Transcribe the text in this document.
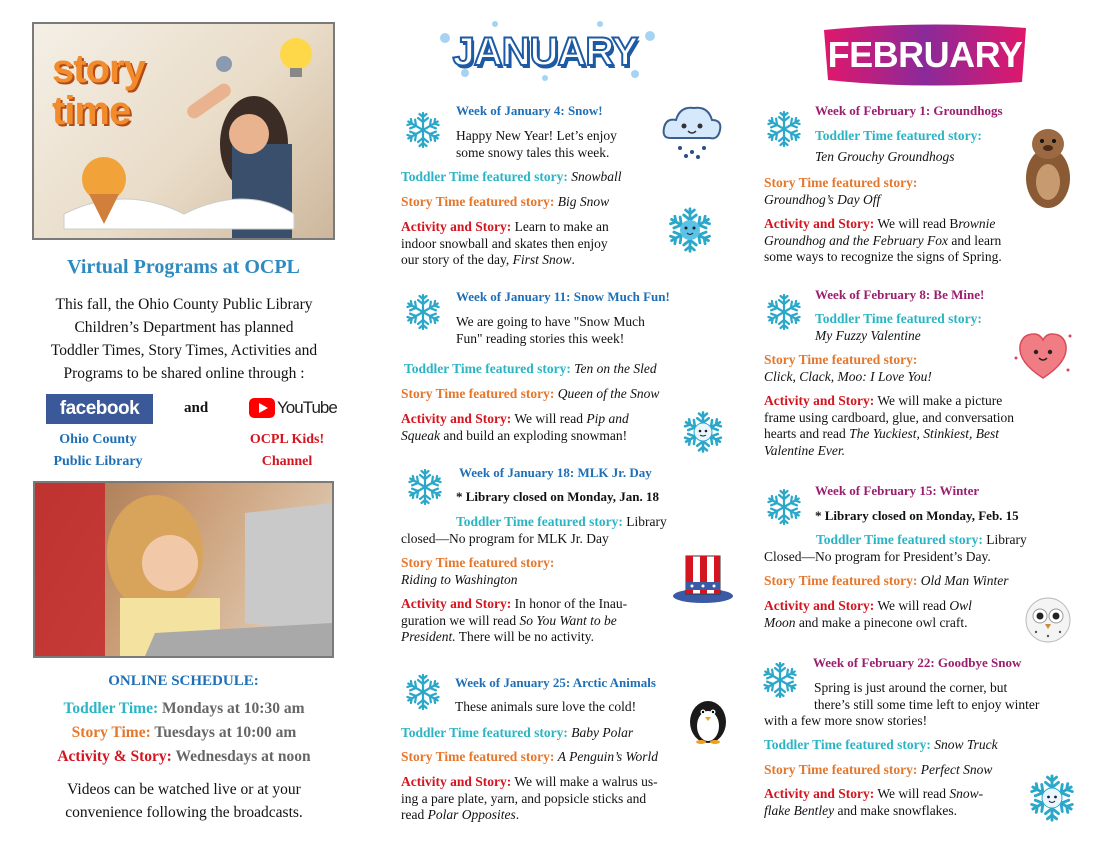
story time
Virtual Programs at OCPL
This fall, the Ohio County Public Library
Children’s Department has planned
Toddler Times, Story Times, Activities and
Programs to be shared online through :
facebook	and	YouTube
Ohio County
Public Library
OCPL Kids!
Channel
ONLINE SCHEDULE:
Toddler Time: Mondays at 10:30 am
Story Time: Tuesdays at 10:00 am
Activity & Story: Wednesdays at noon
Videos can be watched live or at your
convenience following the broadcasts.
JANUARY
Week of January 4: Snow!
Happy New Year! Let’s enjoy
some snowy tales this week.
Toddler Time featured story: Snowball
Story Time featured story: Big Snow
Activity and Story: Learn to make an
indoor snowball and skates then enjoy
our story of the day, First Snow.
Week of January 11: Snow Much Fun!
We are going to have "Snow Much
Fun" reading stories this week!
Toddler Time featured story: Ten on the Sled
Story Time featured story: Queen of the Snow
Activity and Story: We will read Pip and
Squeak and build an exploding snowman!
Week of January 18: MLK Jr. Day
* Library closed on Monday, Jan. 18
Toddler Time featured story: Library
closed—No program for MLK Jr. Day
Story Time featured story:
Riding to Washington
Activity and Story: In honor of the Inau-
guration we will read So You Want to be
President. There will be no activity.
Week of January 25: Arctic Animals
These animals sure love the cold!
Toddler Time featured story: Baby Polar
Story Time featured story: A Penguin’s World
Activity and Story: We will make a walrus us-
ing a pare plate, yarn, and popsicle sticks and
read Polar Opposites.
FEBRUARY
Week of February 1: Groundhogs
Toddler Time featured story:
Ten Grouchy Groundhogs
Story Time featured story:
Groundhog’s Day Off
Activity and Story: We will read Brownie
Groundhog and the February Fox and learn
some ways to recognize the signs of Spring.
Week of February 8: Be Mine!
Toddler Time featured story:
My Fuzzy Valentine
Story Time featured story:
Click, Clack, Moo: I Love You!
Activity and Story: We will make a picture
frame using cardboard, glue, and conversation
hearts and read The Yuckiest, Stinkiest, Best
Valentine Ever.
Week of February 15: Winter
* Library closed on Monday, Feb. 15
Toddler Time featured story: Library
Closed—No program for President’s Day.
Story Time featured story: Old Man Winter
Activity and Story: We will read Owl
Moon and make a pinecone owl craft.
Week of February 22: Goodbye Snow
Spring is just around the corner, but
there’s still some time left to enjoy winter
with a few more snow stories!
Toddler Time featured story: Snow Truck
Story Time featured story: Perfect Snow
Activity and Story: We will read Snow-
flake Bentley and make snowflakes.
